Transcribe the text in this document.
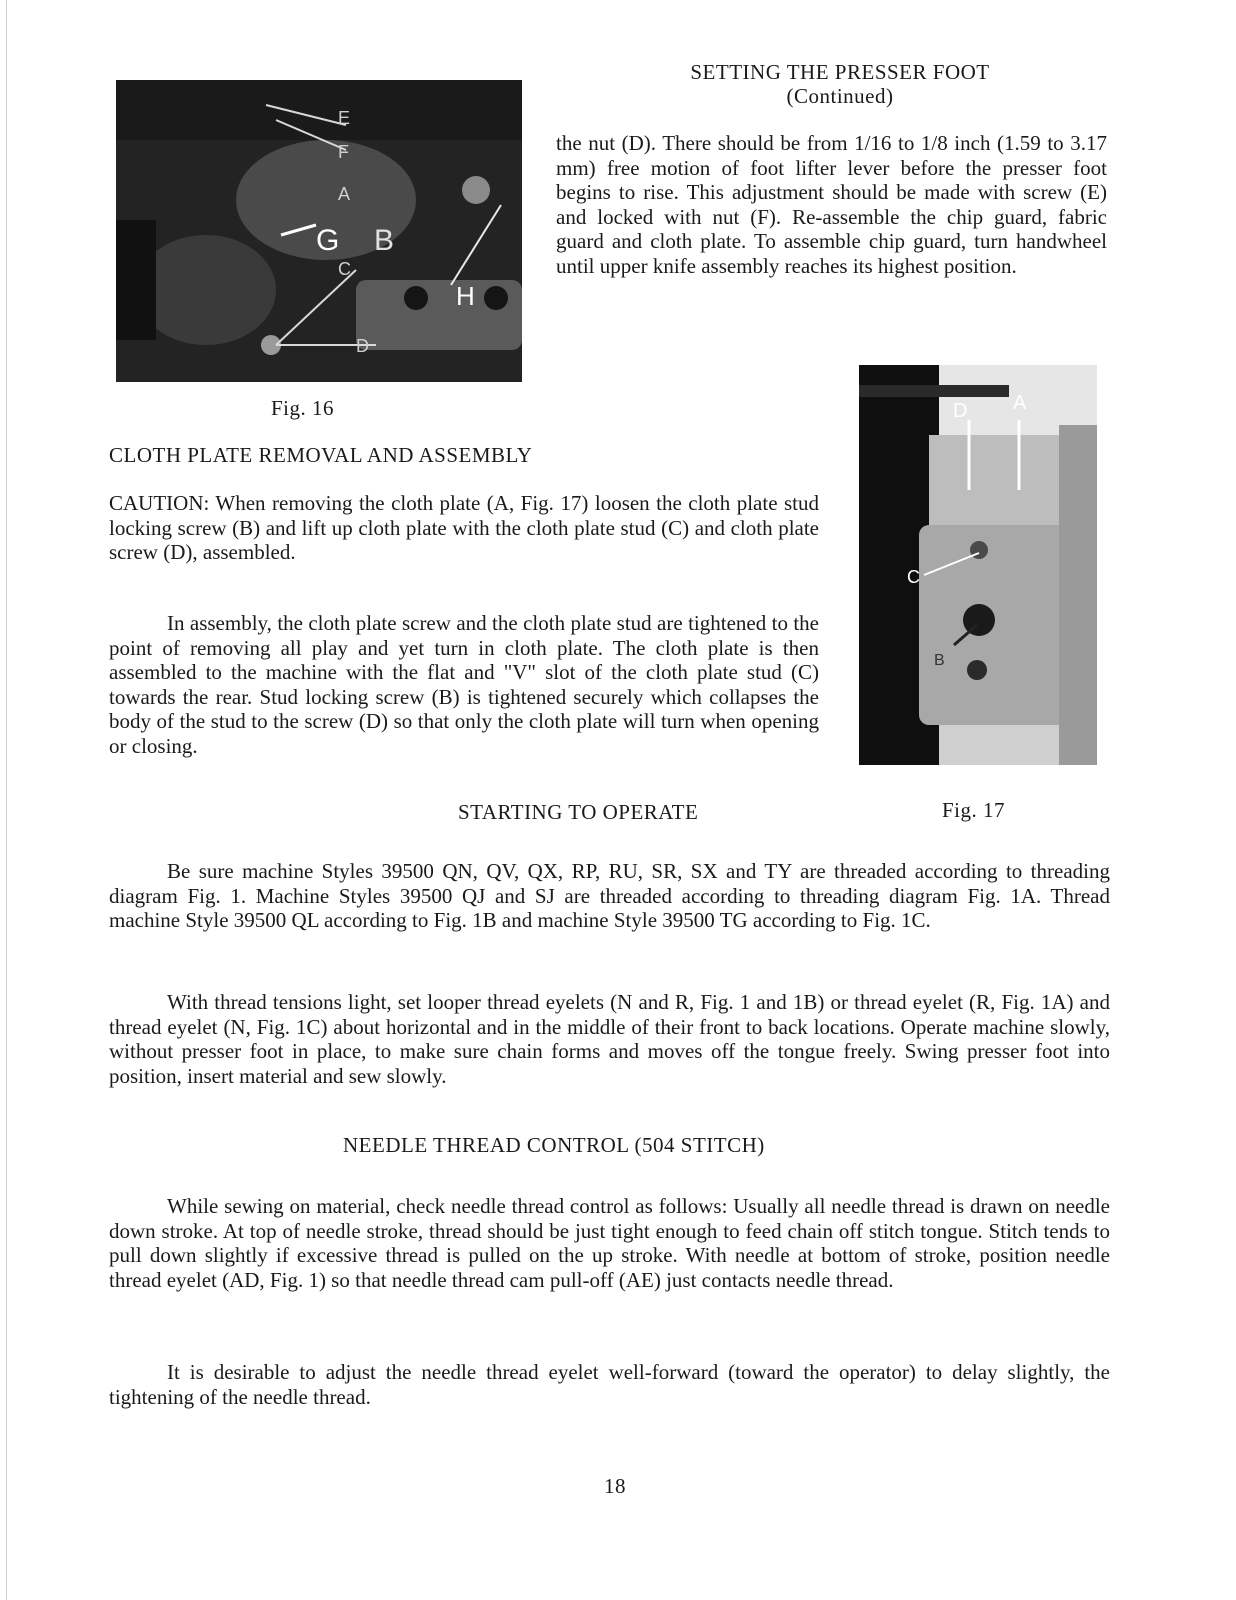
E
F
A
G B
C
H
D
SETTING THE PRESSER FOOT
(Continued)

the nut (D). There should be from 1/16 to 1/8 inch (1.59 to 3.17 mm) free motion of foot lifter lever before the presser foot begins to rise. This adjustment should be made with screw (E) and locked with nut (F). Re-assemble the chip guard, fabric guard and cloth plate. To assemble chip guard, turn handwheel until upper knife assembly reaches its highest position.

Fig. 16
CLOTH PLATE REMOVAL AND ASSEMBLY

CAUTION: When removing the cloth plate (A, Fig. 17) loosen the cloth plate stud locking screw (B) and lift up cloth plate with the cloth plate stud (C) and cloth plate screw (D), assembled.

In assembly, the cloth plate screw and the cloth plate stud are tightened to the point of removing all play and yet turn in cloth plate. The cloth plate is then assembled to the machine with the flat and "V" slot of the cloth plate stud (C) towards the rear. Stud locking screw (B) is tightened securely which collapses the body of the stud to the screw (D) so that only the cloth plate will turn when opening or closing.

D A
C
B
STARTING TO OPERATE	Fig. 17

Be sure machine Styles 39500 QN, QV, QX, RP, RU, SR, SX and TY are threaded according to threading diagram Fig. 1. Machine Styles 39500 QJ and SJ are threaded according to threading diagram Fig. 1A. Thread machine Style 39500 QL according to Fig. 1B and machine Style 39500 TG according to Fig. 1C.

With thread tensions light, set looper thread eyelets (N and R, Fig. 1 and 1B) or thread eyelet (R, Fig. 1A) and thread eyelet (N, Fig. 1C) about horizontal and in the middle of their front to back locations. Operate machine slowly, without presser foot in place, to make sure chain forms and moves off the tongue freely. Swing presser foot into position, insert material and sew slowly.

NEEDLE THREAD CONTROL (504 STITCH)

While sewing on material, check needle thread control as follows: Usually all needle thread is drawn on needle down stroke. At top of needle stroke, thread should be just tight enough to feed chain off stitch tongue. Stitch tends to pull down slightly if excessive thread is pulled on the up stroke. With needle at bottom of stroke, position needle thread eyelet (AD, Fig. 1) so that needle thread cam pull-off (AE) just contacts needle thread.

It is desirable to adjust the needle thread eyelet well-forward (toward the operator) to delay slightly, the tightening of the needle thread.

18
